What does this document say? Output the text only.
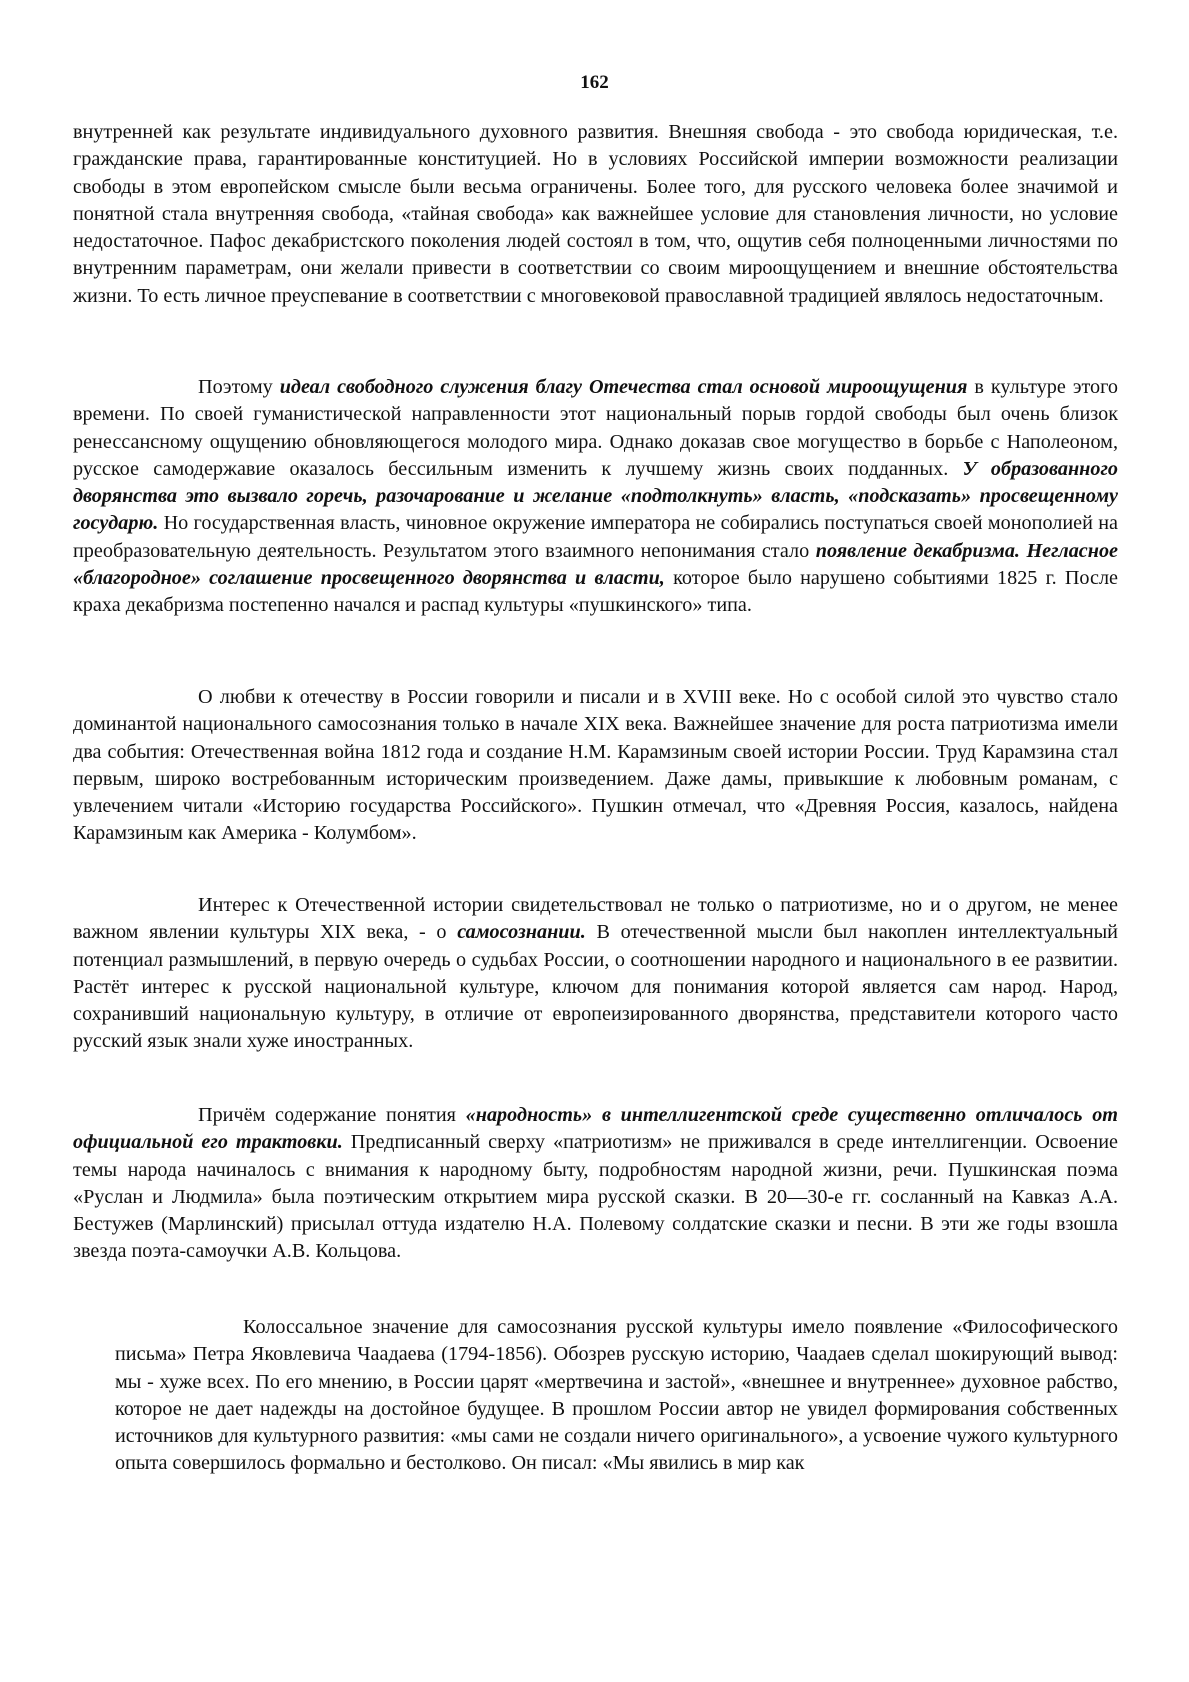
162

внутренней как результате индивидуального духовного развития. Внешняя свобода - это свобода юридическая, т.е. гражданские права, гарантированные конституцией. Но в условиях Российской империи возможности реализации свободы в этом европейском смысле были весьма ограничены. Более того, для русского человека более значимой и понятной стала внутренняя свобода, «тайная свобода» как важнейшее условие для становления личности, но условие недостаточное. Пафос декабристского поколения людей состоял в том, что, ощутив себя полноценными личностями по внутренним параметрам, они желали привести в соответствии со своим мироощущением и внешние обстоятельства жизни. То есть личное преуспевание в соответствии с многовековой православной традицией являлось недостаточным.

Поэтому идеал свободного служения благу Отечества стал основой мироощущения в культуре этого времени. По своей гуманистической направленности этот национальный порыв гордой свободы был очень близок ренессансному ощущению обновляющегося молодого мира. Однако доказав свое могущество в борьбе с Наполеоном, русское самодержавие оказалось бессильным изменить к лучшему жизнь своих подданных. У образованного дворянства это вызвало горечь, разочарование и желание «подтолкнуть» власть, «подсказать» просвещенному государю. Но государственная власть, чиновное окружение императора не собирались поступаться своей монополией на преобразовательную деятельность. Результатом этого взаимного непонимания стало появление декабризма. Негласное «благородное» соглашение просвещенного дворянства и власти, которое было нарушено событиями 1825 г. После краха декабризма постепенно начался и распад культуры «пушкинского» типа.

О любви к отечеству в России говорили и писали и в XVIII веке. Но с особой силой это чувство стало доминантой национального самосознания только в начале XIX века. Важнейшее значение для роста патриотизма имели два события: Отечественная война 1812 года и создание Н.М. Карамзиным своей истории России. Труд Карамзина стал первым, широко востребованным историческим произведением. Даже дамы, привыкшие к любовным романам, с увлечением читали «Историю государства Российского». Пушкин отмечал, что «Древняя Россия, казалось, найдена Карамзиным как Америка - Колумбом».

Интерес к Отечественной истории свидетельствовал не только о патриотизме, но и о другом, не менее важном явлении культуры XIX века, - о самосознании. В отечественной мысли был накоплен интеллектуальный потенциал размышлений, в первую очередь о судьбах России, о соотношении народного и национального в ее развитии. Растёт интерес к русской национальной культуре, ключом для понимания которой является сам народ. Народ, сохранивший национальную культуру, в отличие от европеизированного дворянства, представители которого часто русский язык знали хуже иностранных.

Причём содержание понятия «народность» в интеллигентской среде существенно отличалось от официальной его трактовки. Предписанный сверху «патриотизм» не приживался в среде интеллигенции. Освоение темы народа начиналось с внимания к народному быту, подробностям народной жизни, речи. Пушкинская поэма «Руслан и Людмила» была поэтическим открытием мира русской сказки. В 20—30-е гг. сосланный на Кавказ А.А. Бестужев (Марлинский) присылал оттуда издателю Н.А. Полевому солдатские сказки и песни. В эти же годы взошла звезда поэта-самоучки А.В. Кольцова.

Колоссальное значение для самосознания русской культуры имело появление «Философического письма» Петра Яковлевича Чаадаева (1794-1856). Обозрев русскую историю, Чаадаев сделал шокирующий вывод: мы - хуже всех. По его мнению, в России царят «мертвечина и застой», «внешнее и внутреннее» духовное рабство, которое не дает надежды на достойное будущее. В прошлом России автор не увидел формирования собственных источников для культурного развития: «мы сами не создали ничего оригинального», а усвоение чужого культурного опыта совершилось формально и бестолково. Он писал: «Мы явились в мир как
